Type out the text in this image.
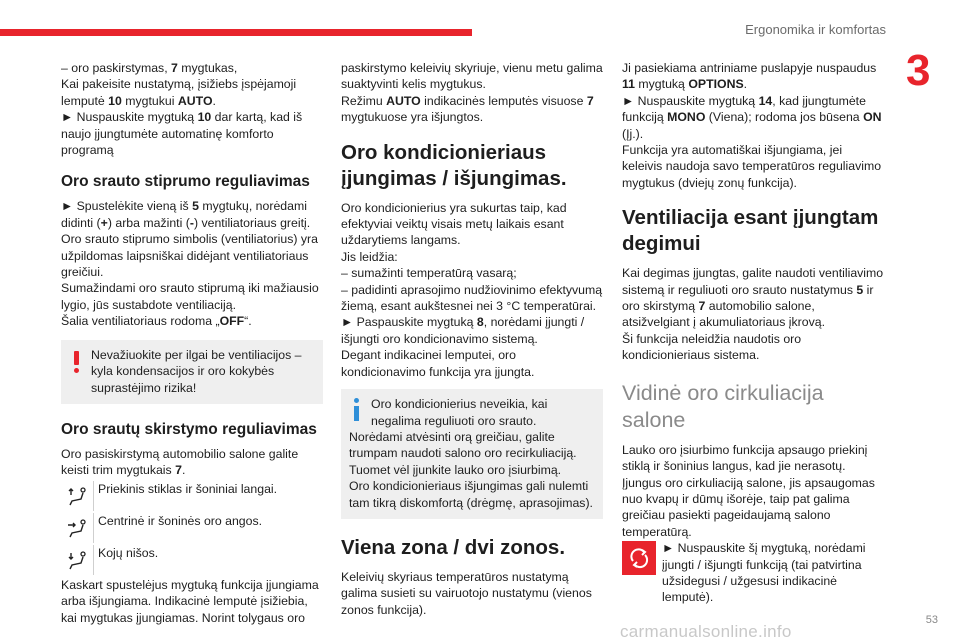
Ergonomika ir komfortas
3

– oro paskirstymas, 7 mygtukas,
Kai pakeisite nustatymą, įsižiebs įspėjamoji lemputė 10 mygtukui AUTO.
► Nuspauskite mygtuką 10 dar kartą, kad iš naujo įjungtumėte automatinę komforto programą

Oro srauto stiprumo reguliavimas

► Spustelėkite vieną iš 5 mygtukų, norėdami didinti (+) arba mažinti (-) ventiliatoriaus greitį.
Oro srauto stiprumo simbolis (ventiliatorius) yra užpildomas laipsniškai didėjant ventiliatoriaus greičiui.
Sumažindami oro srauto stiprumą iki mažiausio lygio, jūs sustabdote ventiliaciją.
Šalia ventiliatoriaus rodoma „OFF“.

Nevažiuokite per ilgai be ventiliacijos – kyla kondensacijos ir oro kokybės suprastėjimo rizika!

Oro srautų skirstymo reguliavimas

Oro pasiskirstymą automobilio salone galite keisti trim mygtukais 7.

Priekinis stiklas ir šoniniai langai.
Centrinė ir šoninės oro angos.
Kojų nišos.

Kaskart spustelėjus mygtuką funkcija įjungiama arba išjungiama. Indikacinė lemputė įsižiebia, kai mygtukas įjungiamas. Norint tolygaus oro

paskirstymo keleivių skyriuje, vienu metu galima suaktyvinti kelis mygtukus.
Režimu AUTO indikacinės lemputės visuose 7 mygtukuose yra išjungtos.

Oro kondicionieriaus įjungimas / išjungimas.

Oro kondicionierius yra sukurtas taip, kad efektyviai veiktų visais metų laikais esant uždarytiems langams.
Jis leidžia:
– sumažinti temperatūrą vasarą;
– padidinti aprasojimo nudžiovinimo efektyvumą žiemą, esant aukštesnei nei 3 °C temperatūrai.
► Paspauskite mygtuką 8, norėdami įjungti / išjungti oro kondicionavimo sistemą.
Degant indikacinei lemputei, oro kondicionavimo funkcija yra įjungta.

Oro kondicionierius neveikia, kai negalima reguliuoti oro srauto.
Norėdami atvėsinti orą greičiau, galite trumpam naudoti salono oro recirkuliaciją.
Tuomet vėl įjunkite lauko oro įsiurbimą.
Oro kondicionieriaus išjungimas gali nulemti tam tikrą diskomfortą (drėgmę, aprasojimas).

Viena zona / dvi zonos.

Keleivių skyriaus temperatūros nustatymą galima susieti su vairuotojo nustatymu (vienos zonos funkcija).

Ji pasiekiama antriniame puslapyje nuspaudus 11 mygtuką OPTIONS.
► Nuspauskite mygtuką 14, kad įjungtumėte funkciją MONO (Viena); rodoma jos būsena ON (Įj.).
Funkcija yra automatiškai išjungiama, jei keleivis naudoja savo temperatūros reguliavimo mygtukus (dviejų zonų funkcija).

Ventiliacija esant įjungtam degimui

Kai degimas įjungtas, galite naudoti ventiliavimo sistemą ir reguliuoti oro srauto nustatymus 5 ir oro skirstymą 7 automobilio salone, atsižvelgiant į akumuliatoriaus įkrovą.
Ši funkcija neleidžia naudotis oro kondicionieriaus sistema.

Vidinė oro cirkuliacija salone

Lauko oro įsiurbimo funkcija apsaugo priekinį stiklą ir šoninius langus, kad jie nerasotų.
Įjungus oro cirkuliaciją salone, jis apsaugomas nuo kvapų ir dūmų išorėje, taip pat galima greičiau pasiekti pageidaujamą salono temperatūrą.

► Nuspauskite šį mygtuką, norėdami įjungti / išjungti funkciją (tai patvirtina užsidegusi / užgesusi indikacinė lemputė).
carmanualsonline.info
53
